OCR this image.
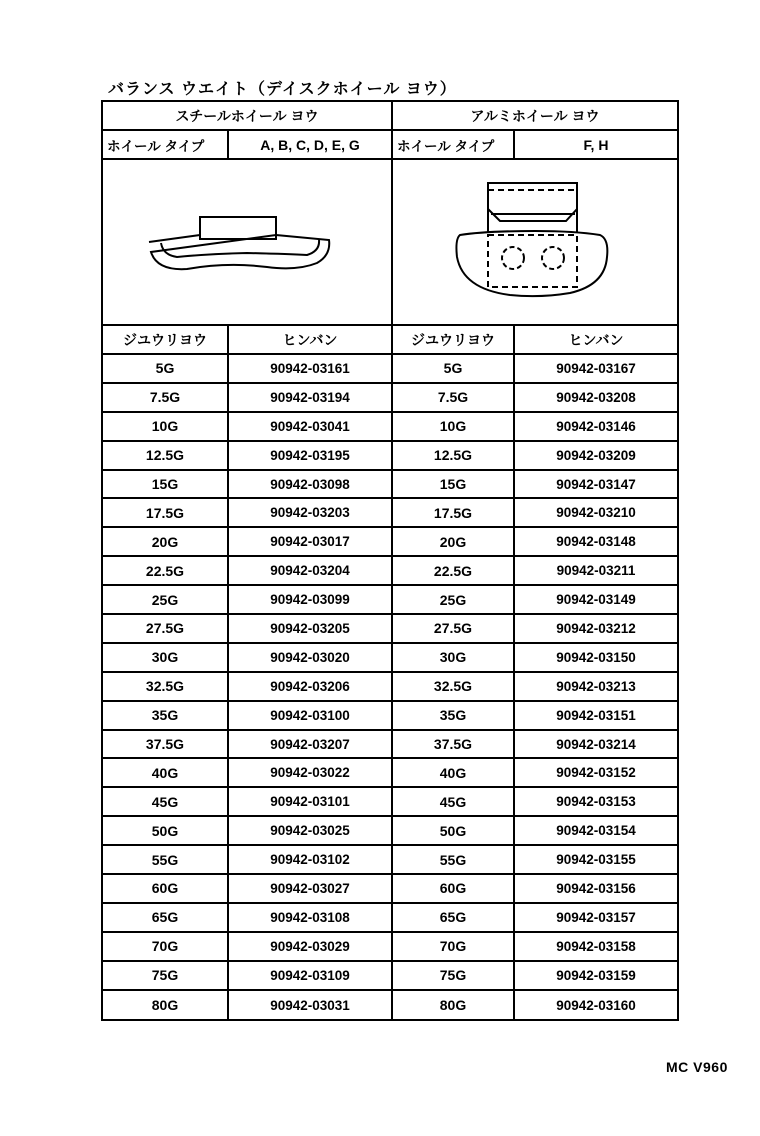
バランス ウエイト（デイスクホイール ヨウ）
スチールホイール ヨウ	アルミホイール ヨウ
ホイール タイプ	A, B, C, D, E, G	ホイール タイプ	F, H
ジユウリヨウ	ヒンバン	ジユウリヨウ	ヒンバン
5G	90942-03161	5G	90942-03167
7.5G	90942-03194	7.5G	90942-03208
10G	90942-03041	10G	90942-03146
12.5G	90942-03195	12.5G	90942-03209
15G	90942-03098	15G	90942-03147
17.5G	90942-03203	17.5G	90942-03210
20G	90942-03017	20G	90942-03148
22.5G	90942-03204	22.5G	90942-03211
25G	90942-03099	25G	90942-03149
27.5G	90942-03205	27.5G	90942-03212
30G	90942-03020	30G	90942-03150
32.5G	90942-03206	32.5G	90942-03213
35G	90942-03100	35G	90942-03151
37.5G	90942-03207	37.5G	90942-03214
40G	90942-03022	40G	90942-03152
45G	90942-03101	45G	90942-03153
50G	90942-03025	50G	90942-03154
55G	90942-03102	55G	90942-03155
60G	90942-03027	60G	90942-03156
65G	90942-03108	65G	90942-03157
70G	90942-03029	70G	90942-03158
75G	90942-03109	75G	90942-03159
80G	90942-03031	80G	90942-03160
MC V960
